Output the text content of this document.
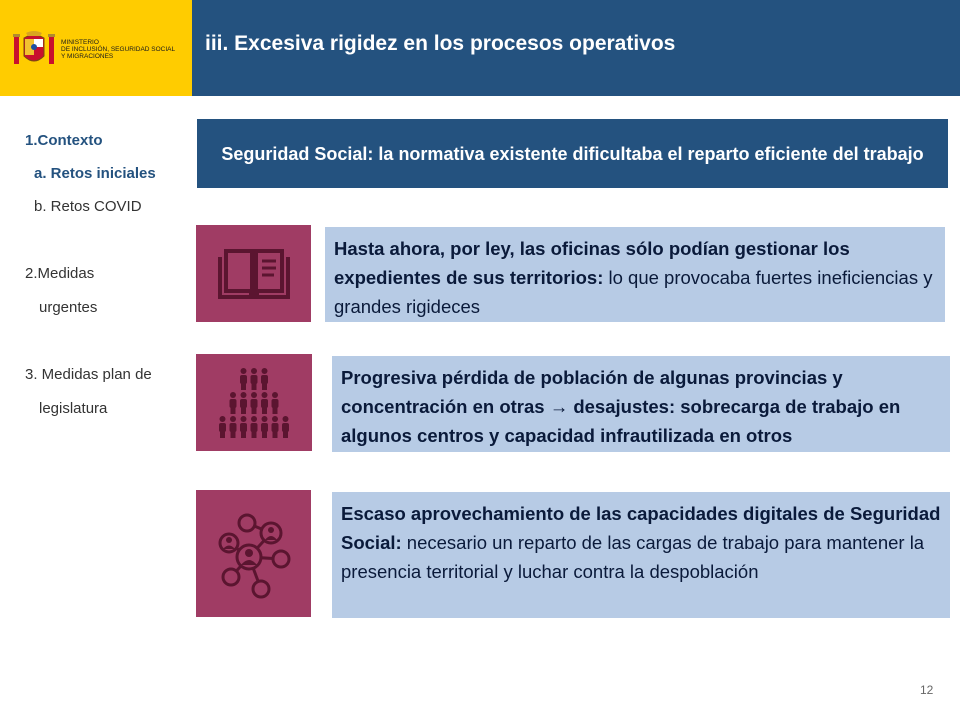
MINISTERIO
DE INCLUSIÓN, SEGURIDAD SOCIAL
Y MIGRACIONES
iii. Excesiva rigidez en los procesos operativos
1.Contexto
a. Retos iniciales
b. Retos COVID
2.Medidas
urgentes
3. Medidas plan de
legislatura
Seguridad Social: la normativa existente dificultaba el reparto eficiente del trabajo
Hasta ahora, por ley, las oficinas sólo podían gestionar los expedientes de sus territorios: lo que provocaba fuertes ineficiencias y grandes rigideces
Progresiva pérdida de población de algunas provincias y concentración en otras → desajustes: sobrecarga de trabajo en algunos centros y capacidad infrautilizada en otros
Escaso aprovechamiento de las capacidades digitales de Seguridad Social: necesario un reparto de las cargas de trabajo para mantener la presencia territorial y luchar contra la despoblación
12
